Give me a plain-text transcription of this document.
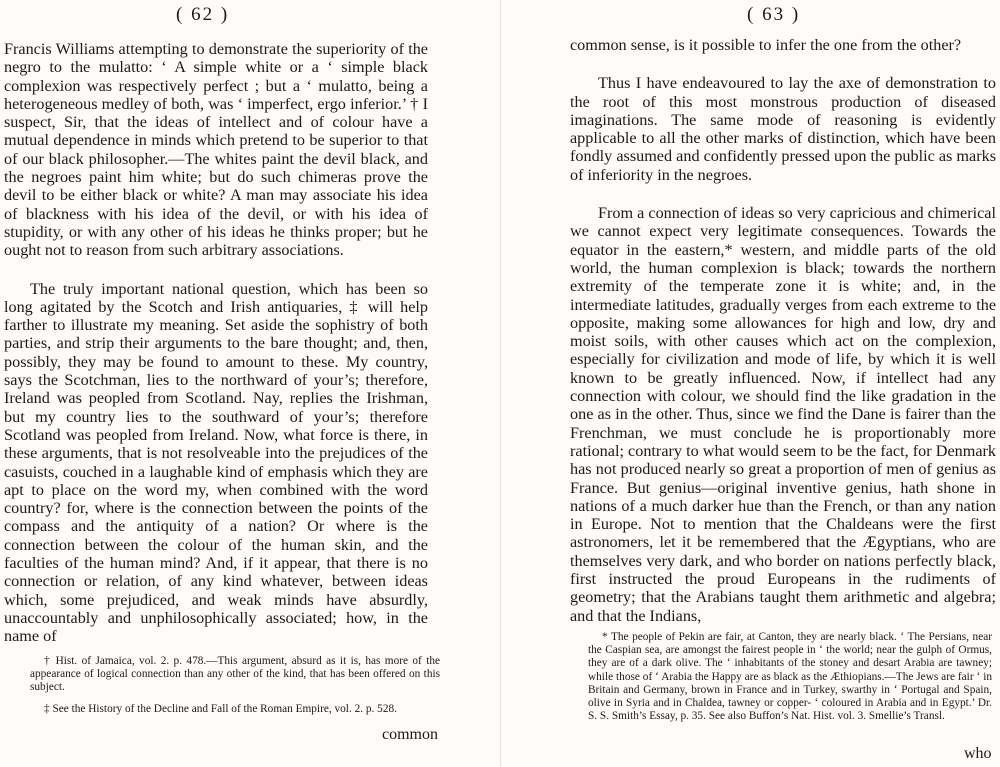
( 62 )

Francis Williams attempting to demonstrate the superiority of the negro to the mulatto: ‘ A simple white or a ‘ simple black complexion was respectively perfect ; but a ‘ mulatto, being a heterogeneous medley of both, was ‘ imperfect, ergo inferior.’ † I suspect, Sir, that the ideas of intellect and of colour have a mutual dependence in minds which pretend to be superior to that of our black philosopher.—The whites paint the devil black, and the negroes paint him white; but do such chimeras prove the devil to be either black or white? A man may associate his idea of blackness with his idea of the devil, or with his idea of stupidity, or with any other of his ideas he thinks proper; but he ought not to reason from such arbitrary associations.

The truly important national question, which has been so long agitated by the Scotch and Irish antiquaries, ‡ will help farther to illustrate my meaning. Set aside the sophistry of both parties, and strip their arguments to the bare thought; and, then, possibly, they may be found to amount to these. My country, says the Scotchman, lies to the northward of your’s; therefore, Ireland was peopled from Scotland. Nay, replies the Irishman, but my country lies to the southward of your’s; therefore Scotland was peopled from Ireland. Now, what force is there, in these arguments, that is not resolveable into the prejudices of the casuists, couched in a laughable kind of emphasis which they are apt to place on the word my, when combined with the word country? for, where is the connection between the points of the compass and the antiquity of a nation? Or where is the connection between the colour of the human skin, and the faculties of the human mind? And, if it appear, that there is no connection or relation, of any kind whatever, between ideas which, some prejudiced, and weak minds have absurdly, unaccountably and unphilosophically associated; how, in the name of

† Hist. of Jamaica, vol. 2. p. 478.—This argument, absurd as it is, has more of the appearance of logical connection than any other of the kind, that has been offered on this subject.
‡ See the History of the Decline and Fall of the Roman Empire, vol. 2. p. 528.
common
( 63 )

common sense, is it possible to infer the one from the other?

Thus I have endeavoured to lay the axe of demonstration to the root of this most monstrous production of diseased imaginations. The same mode of reasoning is evidently applicable to all the other marks of distinction, which have been fondly assumed and confidently pressed upon the public as marks of inferiority in the negroes.

From a connection of ideas so very capricious and chimerical we cannot expect very legitimate consequences. Towards the equator in the eastern,* western, and middle parts of the old world, the human complexion is black; towards the northern extremity of the temperate zone it is white; and, in the intermediate latitudes, gradually verges from each extreme to the opposite, making some allowances for high and low, dry and moist soils, with other causes which act on the complexion, especially for civilization and mode of life, by which it is well known to be greatly influenced. Now, if intellect had any connection with colour, we should find the like gradation in the one as in the other. Thus, since we find the Dane is fairer than the Frenchman, we must conclude he is proportionably more rational; contrary to what would seem to be the fact, for Denmark has not produced nearly so great a proportion of men of genius as France. But genius—original inventive genius, hath shone in nations of a much darker hue than the French, or than any nation in Europe. Not to mention that the Chaldeans were the first astronomers, let it be remembered that the Ægyptians, who are themselves very dark, and who border on nations perfectly black, first instructed the proud Europeans in the rudiments of geometry; that the Arabians taught them arithmetic and algebra; and that the Indians,

* The people of Pekin are fair, at Canton, they are nearly black. ‘ The Persians, near the Caspian sea, are amongst the fairest people in ‘ the world; near the gulph of Ormus, they are of a dark olive. The ‘ inhabitants of the stoney and desart Arabia are tawney; while those of ‘ Arabia the Happy are as black as the Æthiopians.—The Jews are fair ‘ in Britain and Germany, brown in France and in Turkey, swarthy in ‘ Portugal and Spain, olive in Syria and in Chaldea, tawney or copper- ‘ coloured in Arabia and in Egypt.’ Dr. S. S. Smith’s Essay, p. 35. See also Buffon’s Nat. Hist. vol. 3. Smellie’s Transl.
who
